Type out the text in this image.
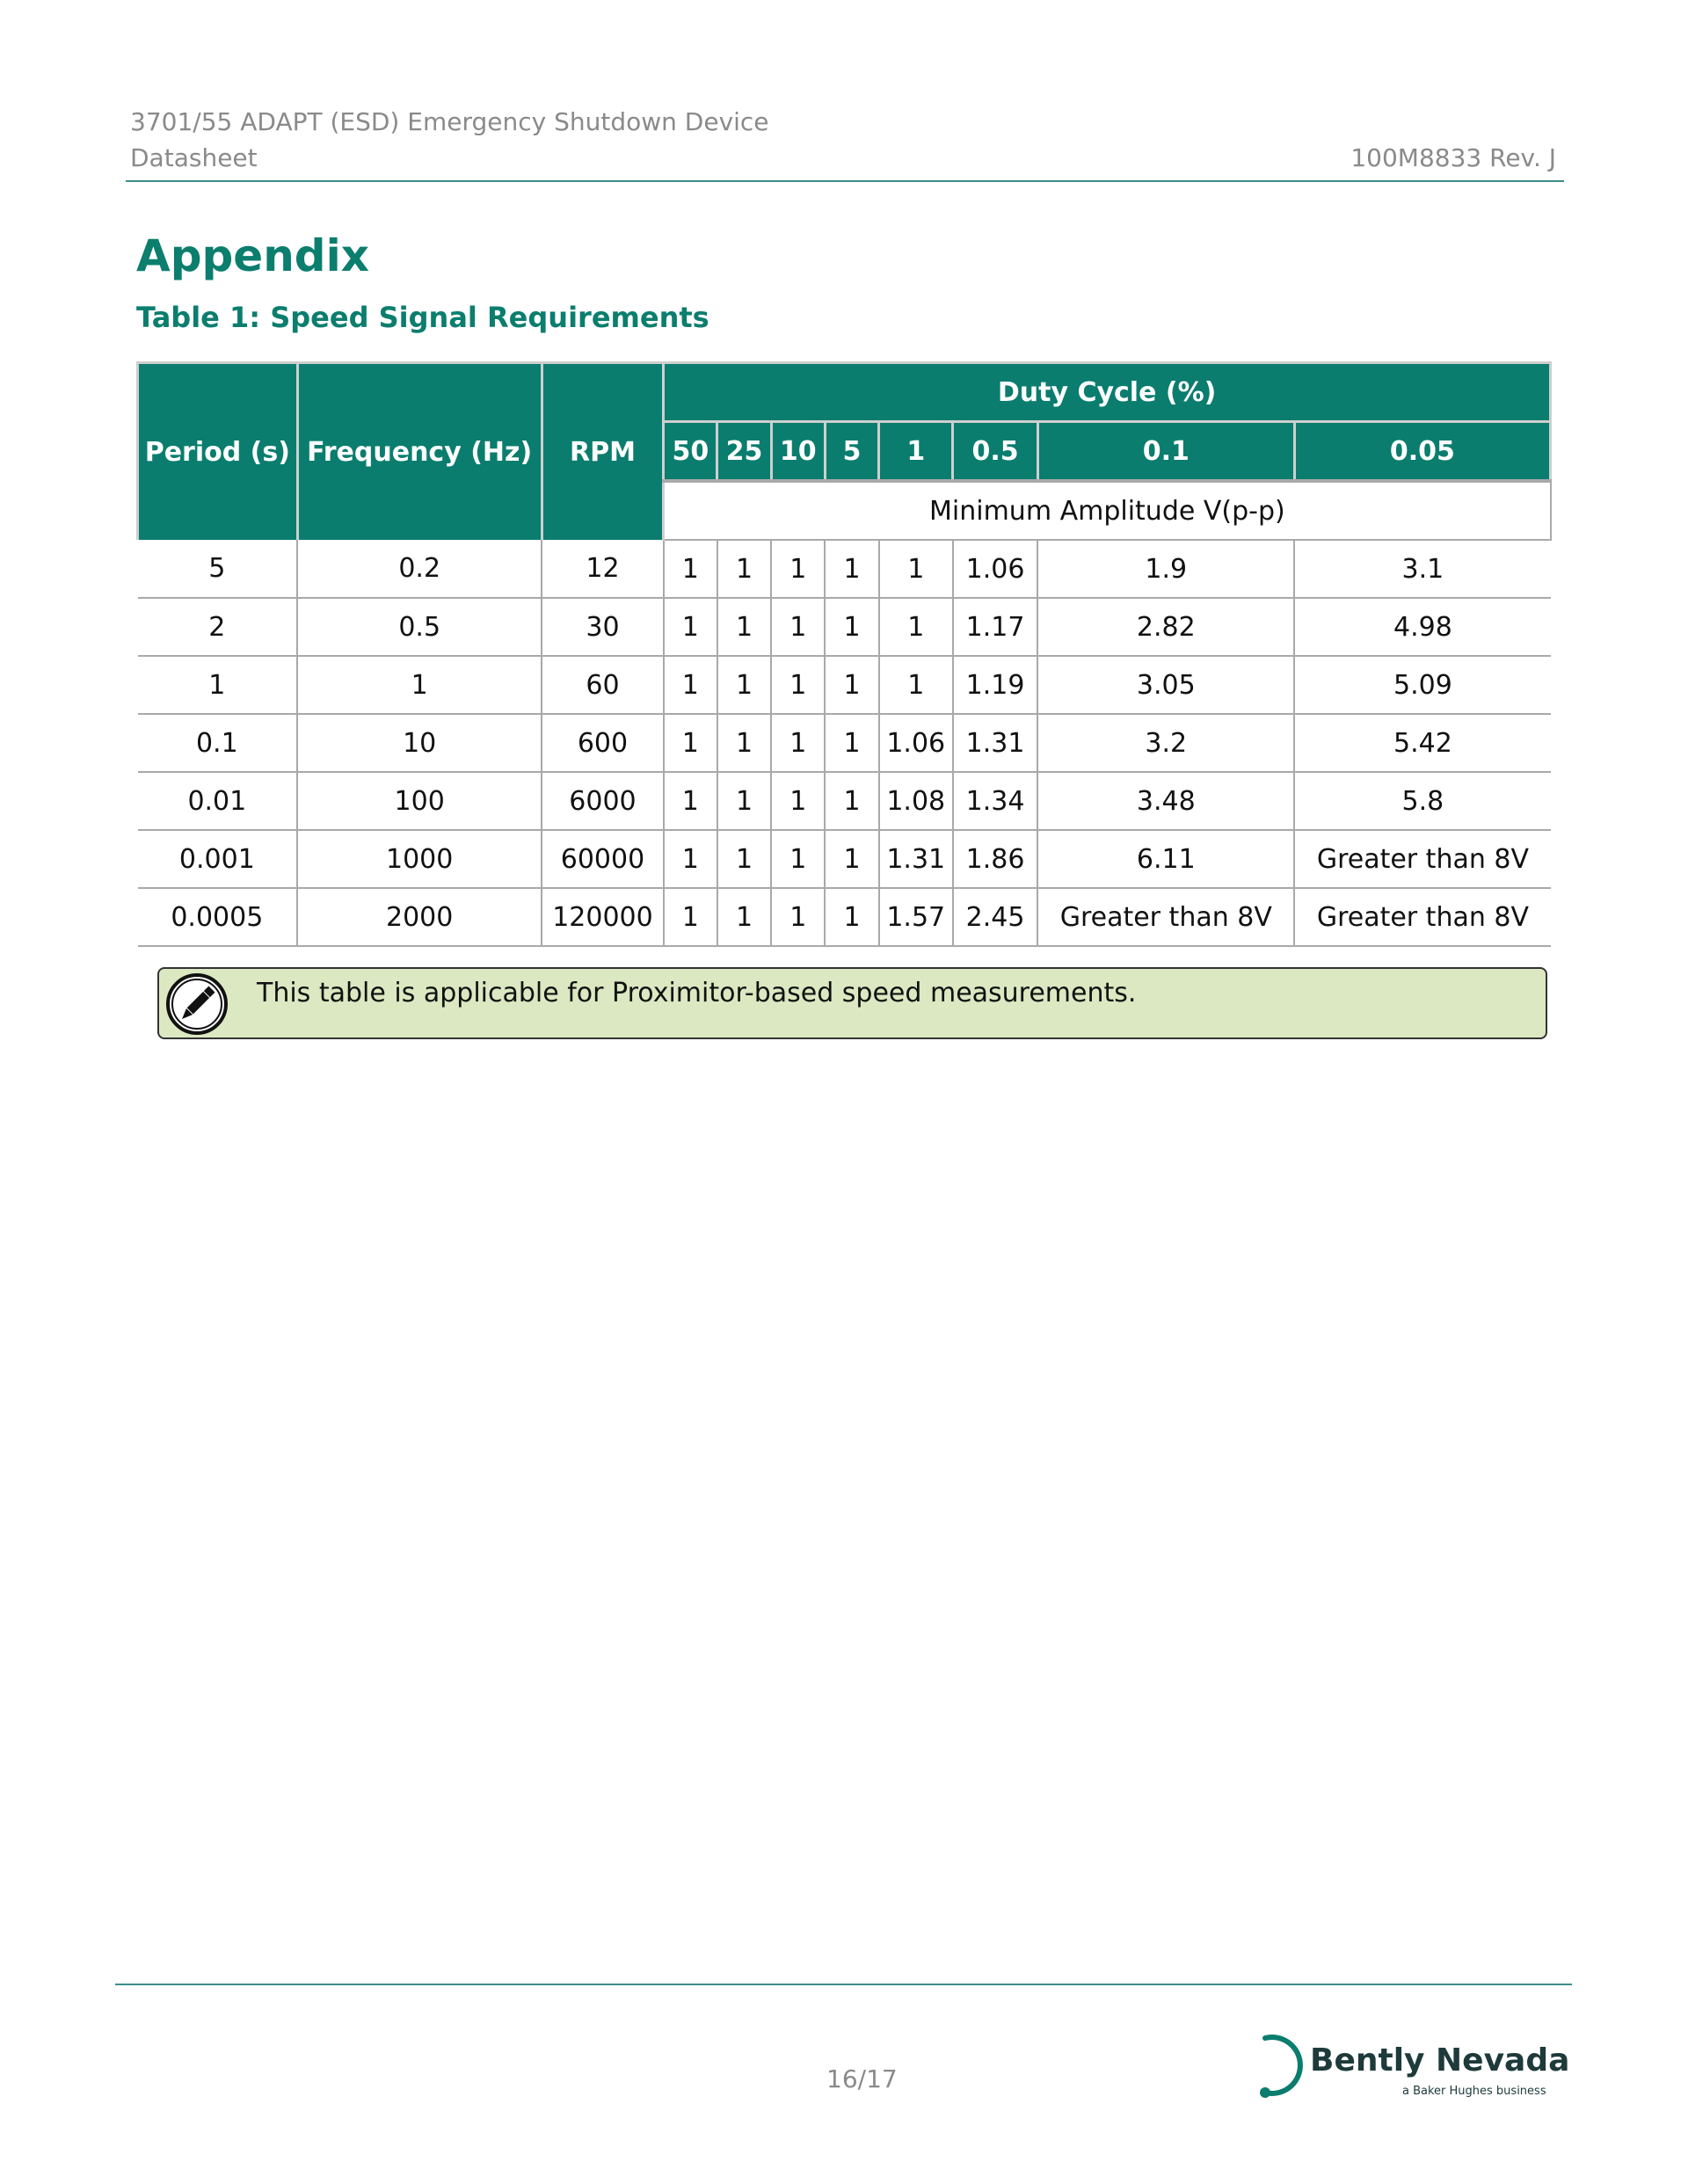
3701/55 ADAPT (ESD) Emergency Shutdown Device
Datasheet	100M8833 Rev. J
Appendix
Table 1: Speed Signal Requirements
Period (s)	Frequency (Hz)	RPM	Duty Cycle (%)							
			50	25	10	5	1	0.5	0.1	0.05
			Minimum Amplitude V(p-p)							
5	0.2	12	1	1	1	1	1	1.06	1.9	3.1
2	0.5	30	1	1	1	1	1	1.17	2.82	4.98
1	1	60	1	1	1	1	1	1.19	3.05	5.09
0.1	10	600	1	1	1	1	1.06	1.31	3.2	5.42
0.01	100	6000	1	1	1	1	1.08	1.34	3.48	5.8
0.001	1000	60000	1	1	1	1	1.31	1.86	6.11	Greater than 8V
0.0005	2000	120000	1	1	1	1	1.57	2.45	Greater than 8V	Greater than 8V
This table is applicable for Proximitor-based speed measurements.
16/17
Bently Nevada
a Baker Hughes business
